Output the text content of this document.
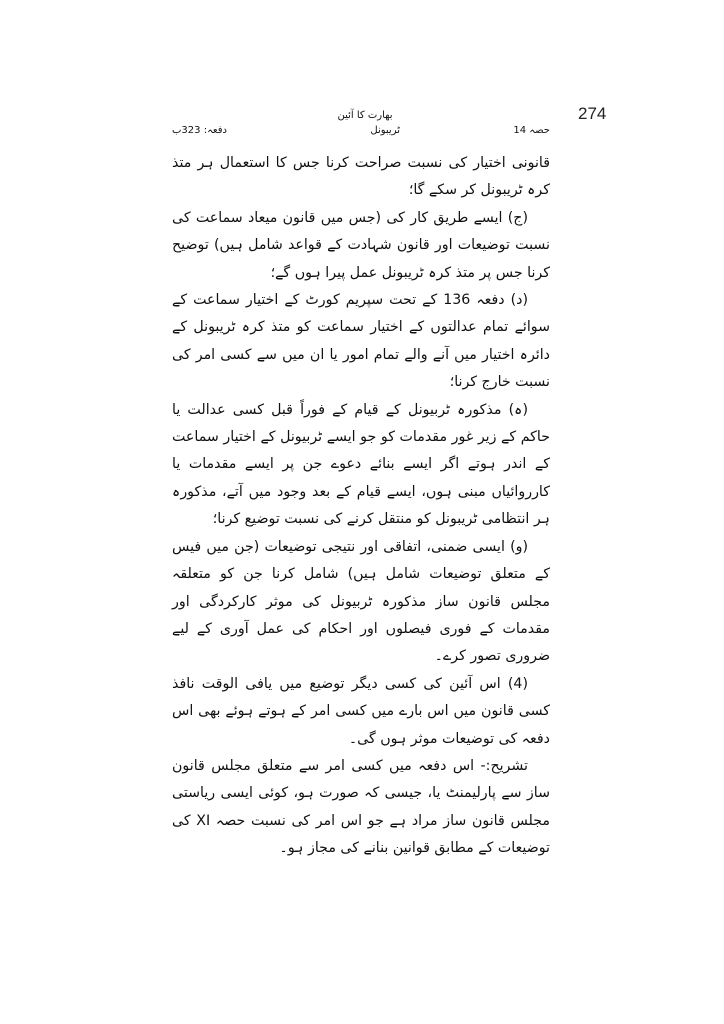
274
بھارت کا آئین
حصہ 14
ٹریبونل
دفعہ: 323ب

قانونی اختیار کی نسبت صراحت کرنا جس کا استعمال ہر متذ کرہ ٹریبونل کر سکے گا؛

(ج) ایسے طریق کار کی (جس میں قانون میعاد سماعت کی نسبت توضیعات اور قانون شہادت کے قواعد شامل ہیں) توضیح کرنا جس پر متذ کرہ ٹریبونل عمل پیرا ہوں گے؛

(د) دفعہ 136 کے تحت سپریم کورٹ کے اختیار سماعت کے سوائے تمام عدالتوں کے اختیار سماعت کو متذ کرہ ٹریبونل کے دائرہ اختیار میں آنے والے تمام امور یا ان میں سے کسی امر کی نسبت خارج کرنا؛

(ہ) مذکورہ ٹربیونل کے قیام کے فوراً قبل کسی عدالت یا حاکم کے زیر غور مقدمات کو جو ایسے ٹربیونل کے اختیار سماعت کے اندر ہوتے اگر ایسے بنائے دعوے جن پر ایسے مقدمات یا کارروائیاں مبنی ہوں، ایسے قیام کے بعد وجود میں آتے، مذکورہ ہر انتظامی ٹریبونل کو منتقل کرنے کی نسبت توضیع کرنا؛

(و) ایسی ضمنی، اتفاقی اور نتیجی توضیعات (جن میں فیس کے متعلق توضیعات شامل ہیں) شامل کرنا جن کو متعلقہ مجلس قانون ساز مذکورہ ٹربیونل کی موثر کارکردگی اور مقدمات کے فوری فیصلوں اور احکام کی عمل آوری کے لیے ضروری تصور کرے۔

(4) اس آئین کی کسی دیگر توضیع میں یافی الوقت نافذ کسی قانون میں اس بارے میں کسی امر کے ہوتے ہوئے بھی اس دفعہ کی توضیعات موثر ہوں گی۔

تشریح:- اس دفعہ میں کسی امر سے متعلق مجلس قانون ساز سے پارلیمنٹ یا، جیسی کہ صورت ہو، کوئی ایسی ریاستی مجلس قانون ساز مراد ہے جو اس امر کی نسبت حصہ XI کی توضیعات کے مطابق قوانین بنانے کی مجاز ہو۔
